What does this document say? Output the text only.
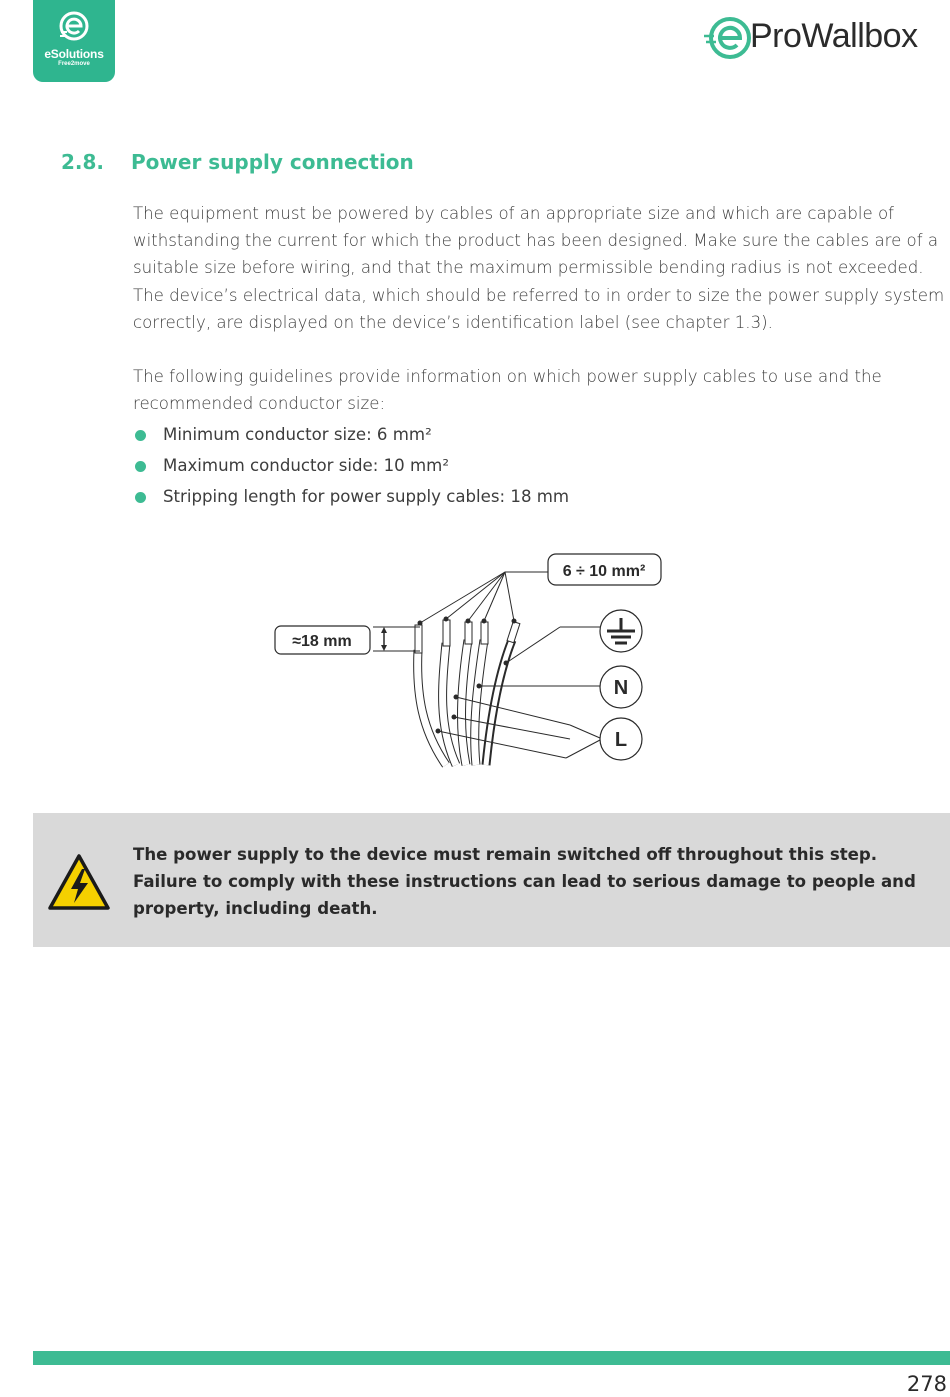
eSolutions
Free2move
ProWallbox
2.8. Power supply connection
The equipment must be powered by cables of an appropriate size and which are capable of withstanding the current for which the product has been designed. Make sure the cables are of a suitable size before wiring, and that the maximum permissible bending radius is not exceeded. The device’s electrical data, which should be referred to in order to size the power supply system correctly, are displayed on the device’s identification label (see chapter 1.3).
The following guidelines provide information on which power supply cables to use and the recommended conductor size:
Minimum conductor size: 6 mm²
Maximum conductor side: 10 mm²
Stripping length for power supply cables: 18 mm
6 ÷ 10 mm²
≈18 mm
N
L
The power supply to the device must remain switched off throughout this step. Failure to comply with these instructions can lead to serious damage to people and property, including death.
278
